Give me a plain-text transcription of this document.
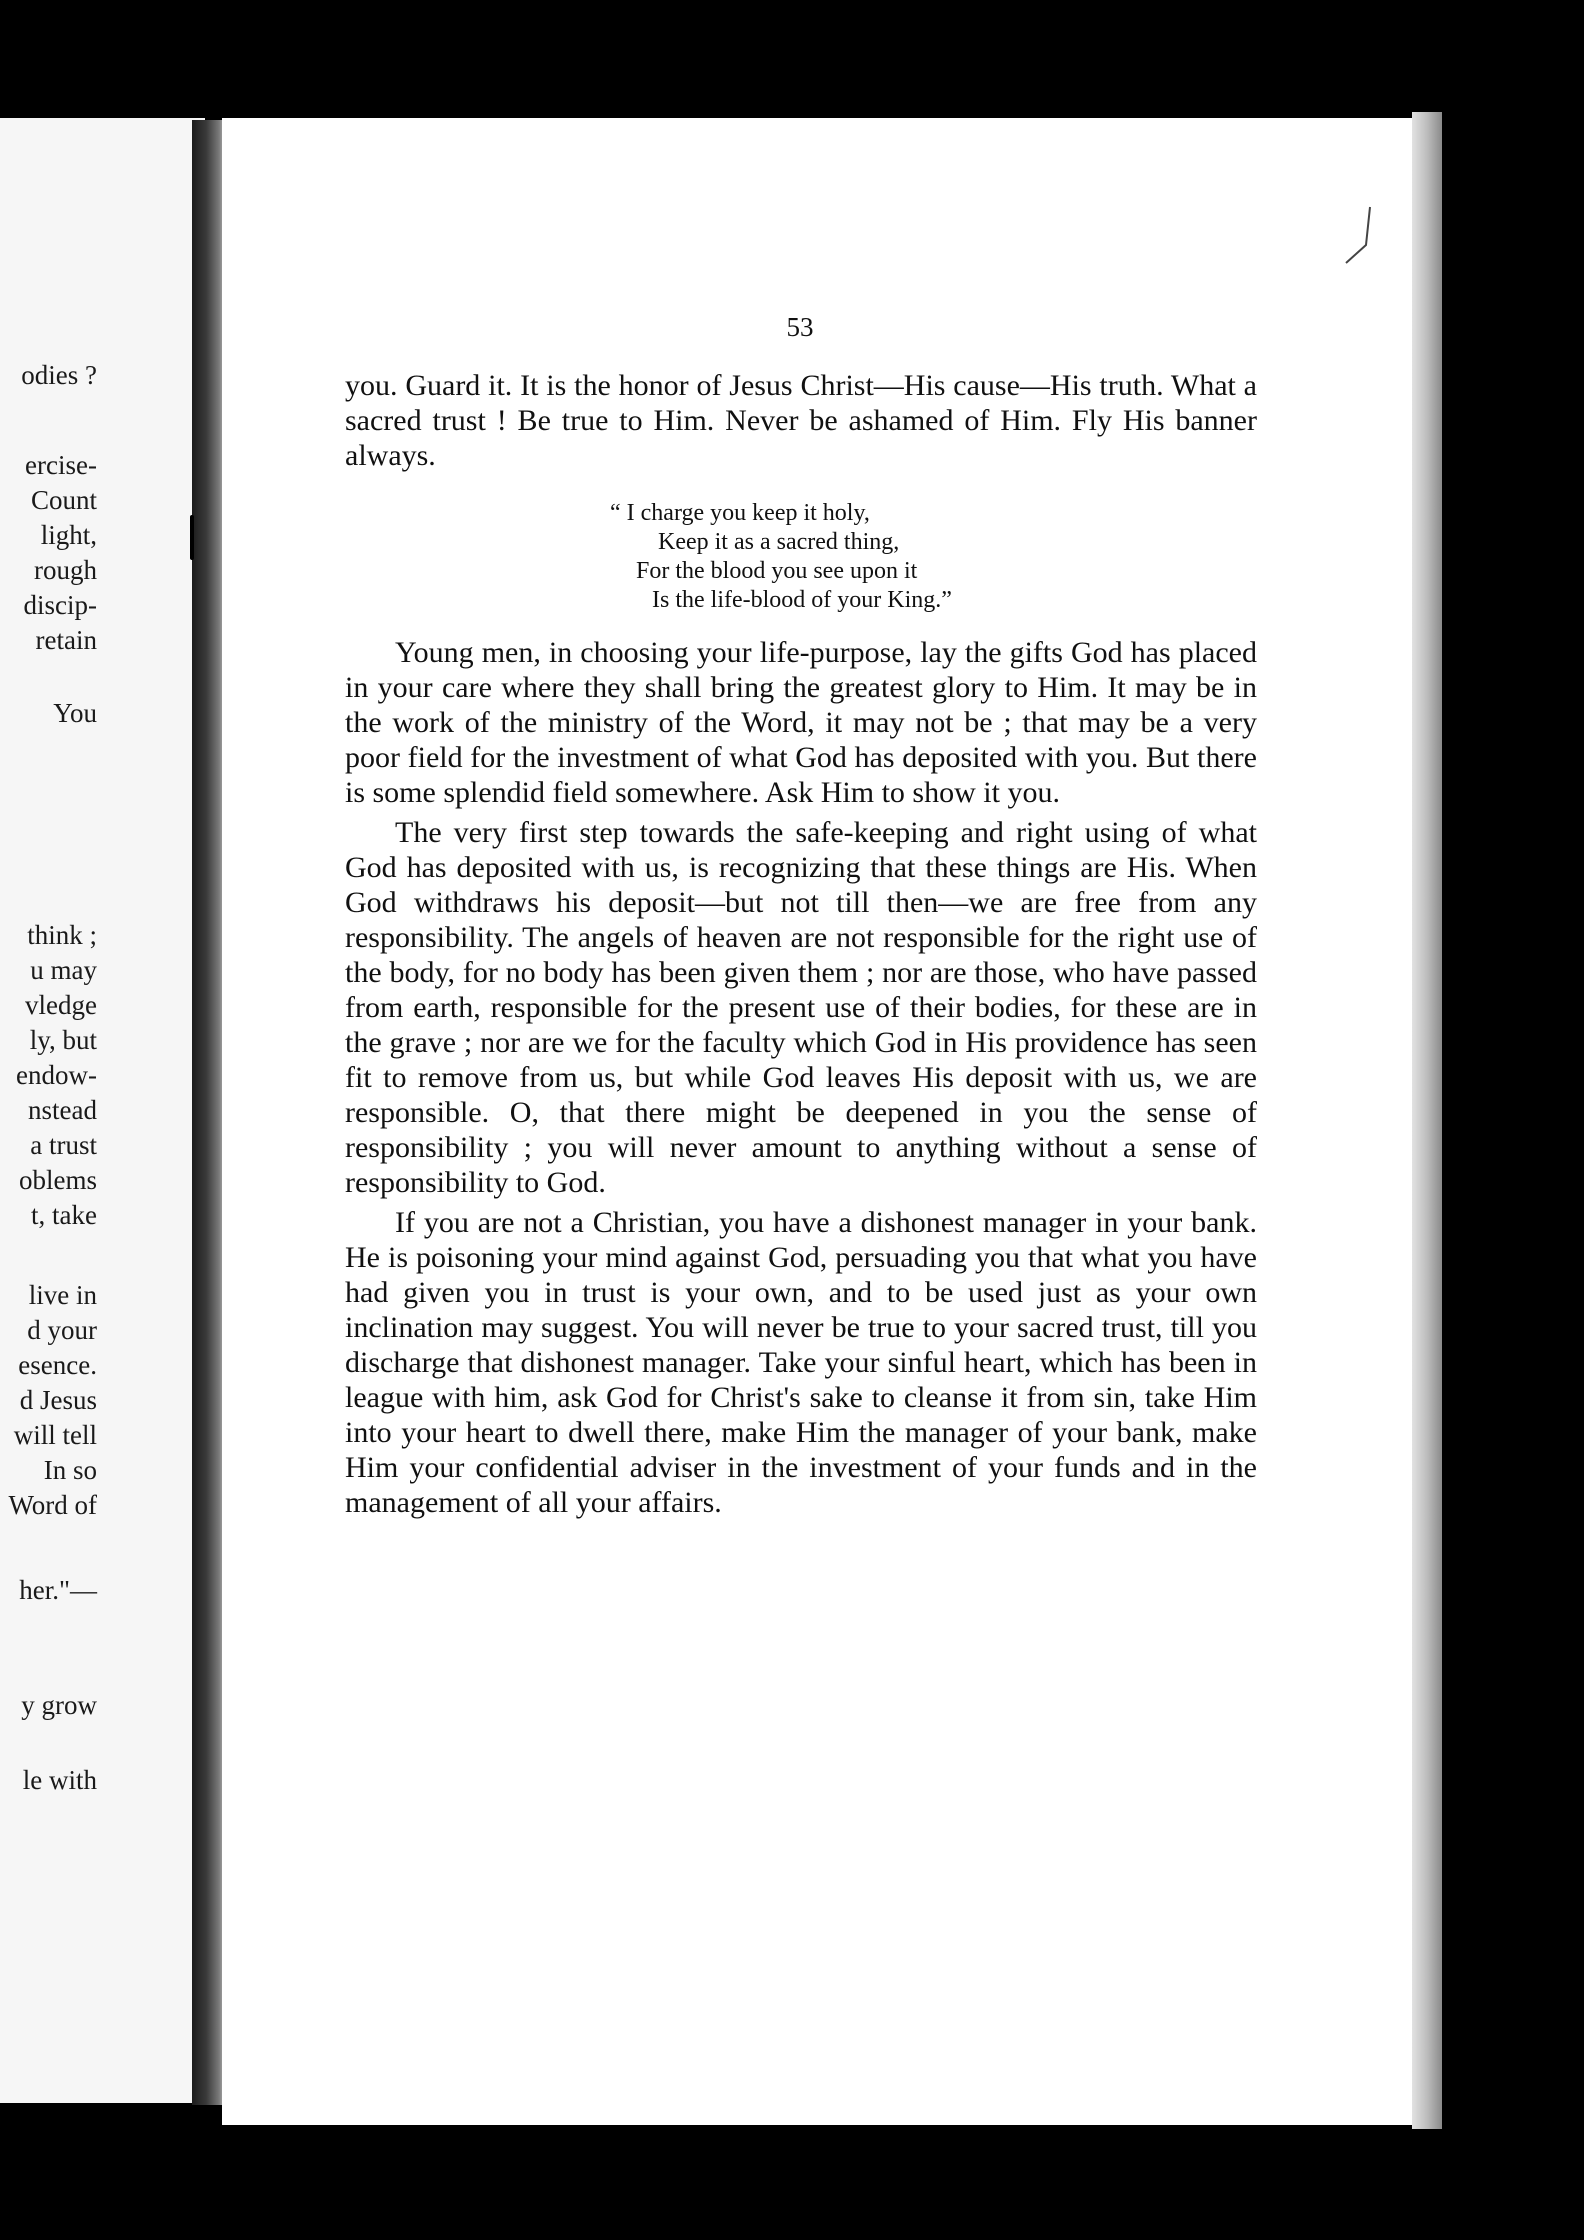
odies ?
ercise-
Count
light,
rough
discip-
retain
You
think ;
u may
vledge
ly, but
endow-
nstead
a trust
oblems
t, take
live in
d your
esence.
d Jesus
will tell
In so
Word of
her."—
y grow
le with
53

you. Guard it. It is the honor of Jesus Christ—His cause—His truth. What a sacred trust ! Be true to Him. Never be ashamed of Him. Fly His banner always.

“ I charge you keep it holy,
Keep it as a sacred thing,
For the blood you see upon it
Is the life-blood of your King.”

Young men, in choosing your life-purpose, lay the gifts God has placed in your care where they shall bring the greatest glory to Him. It may be in the work of the ministry of the Word, it may not be ; that may be a very poor field for the investment of what God has deposited with you. But there is some splendid field somewhere. Ask Him to show it you.

The very first step towards the safe-keeping and right using of what God has deposited with us, is recognizing that these things are His. When God withdraws his deposit—but not till then—we are free from any responsibility. The angels of heaven are not responsible for the right use of the body, for no body has been given them ; nor are those, who have passed from earth, responsible for the present use of their bodies, for these are in the grave ; nor are we for the faculty which God in His providence has seen fit to remove from us, but while God leaves His deposit with us, we are responsible. O, that there might be deepened in you the sense of responsibility ; you will never amount to anything without a sense of responsibility to God.

If you are not a Christian, you have a dishonest manager in your bank. He is poisoning your mind against God, persuading you that what you have had given you in trust is your own, and to be used just as your own inclination may suggest. You will never be true to your sacred trust, till you discharge that dishonest manager. Take your sinful heart, which has been in league with him, ask God for Christ's sake to cleanse it from sin, take Him into your heart to dwell there, make Him the manager of your bank, make Him your confidential adviser in the investment of your funds and in the management of all your affairs.
